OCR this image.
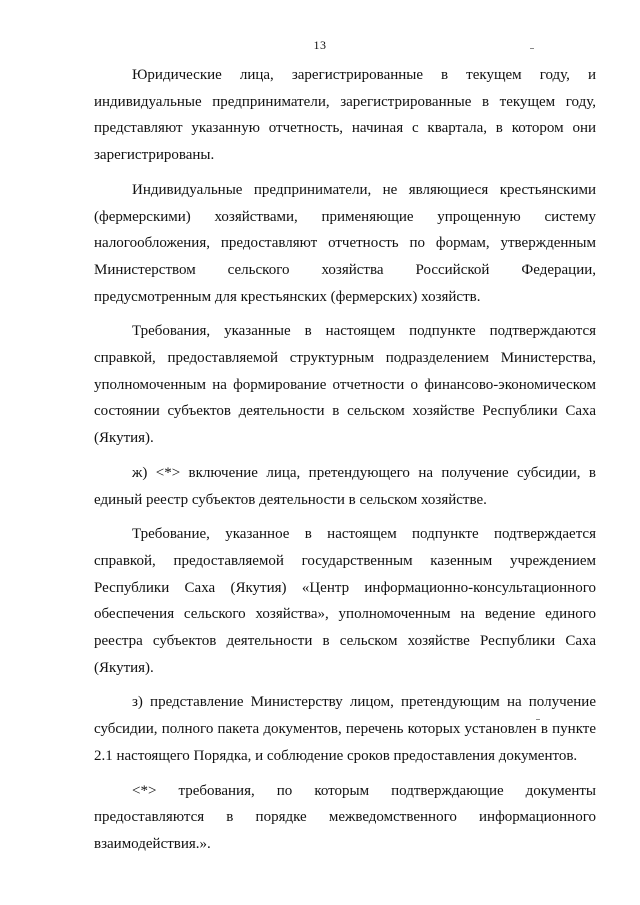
13

Юридические лица, зарегистрированные в текущем году, и индивидуальные предприниматели, зарегистрированные в текущем году, представляют указанную отчетность, начиная с квартала, в котором они зарегистрированы.

Индивидуальные предприниматели, не являющиеся крестьянскими (фермерскими) хозяйствами, применяющие упрощенную систему налогообложения, предоставляют отчетность по формам, утвержденным Министерством сельского хозяйства Российской Федерации, предусмотренным для крестьянских (фермерских) хозяйств.

Требования, указанные в настоящем подпункте подтверждаются справкой, предоставляемой структурным подразделением Министерства, уполномоченным на формирование отчетности о финансово-экономическом состоянии субъектов деятельности в сельском хозяйстве Республики Саха (Якутия).

ж) <*> включение лица, претендующего на получение субсидии, в единый реестр субъектов деятельности в сельском хозяйстве.

Требование, указанное в настоящем подпункте подтверждается справкой, предоставляемой государственным казенным учреждением Республики Саха (Якутия) «Центр информационно-консультационного обеспечения сельского хозяйства», уполномоченным на ведение единого реестра субъектов деятельности в сельском хозяйстве Республики Саха (Якутия).

з) представление Министерству лицом, претендующим на получение субсидии, полного пакета документов, перечень которых установлен в пункте 2.1 настоящего Порядка, и соблюдение сроков предоставления документов.

<*> требования, по которым подтверждающие документы предоставляются в порядке межведомственного информационного взаимодействия.».
